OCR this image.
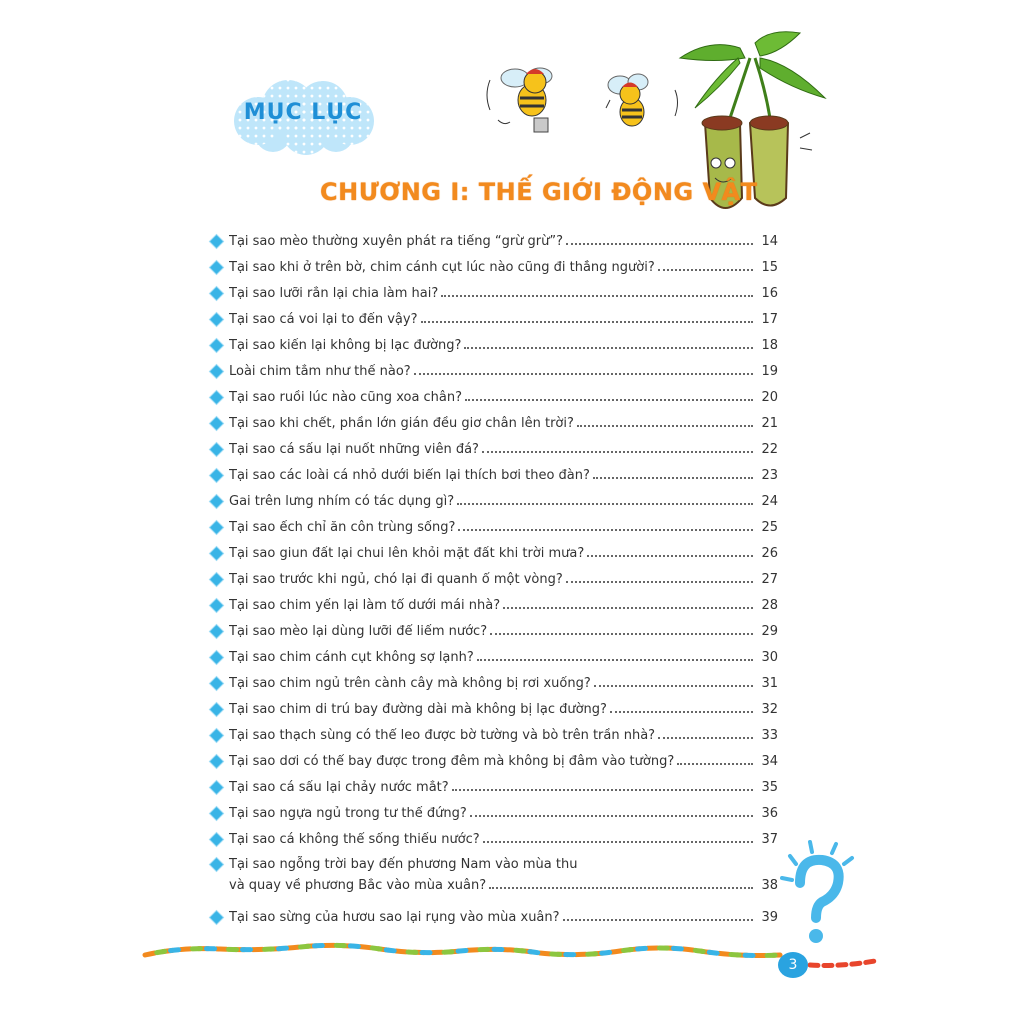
MỤC LỤC
CHƯƠNG I: THẾ GIỚI ĐỘNG VẬT
Tại sao mèo thường xuyên phát ra tiếng “grừ grừ”?	14
Tại sao khi ở trên bờ, chim cánh cụt lúc nào cũng đi thẳng người?	15
Tại sao lưỡi rắn lại chia làm hai?	16
Tại sao cá voi lại to đến vậy?	17
Tại sao kiến lại không bị lạc đường?	18
Loài chim tắm như thế nào?	19
Tại sao ruồi lúc nào cũng xoa chân?	20
Tại sao khi chết, phần lớn gián đều giơ chân lên trời?	21
Tại sao cá sấu lại nuốt những viên đá?	22
Tại sao các loài cá nhỏ dưới biển lại thích bơi theo đàn?	23
Gai trên lưng nhím có tác dụng gì?	24
Tại sao ếch chỉ ăn côn trùng sống?	25
Tại sao giun đất lại chui lên khỏi mặt đất khi trời mưa?	26
Tại sao trước khi ngủ, chó lại đi quanh ổ một vòng?	27
Tại sao chim yến lại làm tổ dưới mái nhà?	28
Tại sao mèo lại dùng lưỡi để liếm nước?	29
Tại sao chim cánh cụt không sợ lạnh?	30
Tại sao chim ngủ trên cành cây mà không bị rơi xuống?	31
Tại sao chim di trú bay đường dài mà không bị lạc đường?	32
Tại sao thạch sùng có thể leo được bờ tường và bò trên trần nhà?	33
Tại sao dơi có thể bay được trong đêm mà không bị đâm vào tường?	34
Tại sao cá sấu lại chảy nước mắt?	35
Tại sao ngựa ngủ trong tư thế đứng?	36
Tại sao cá không thể sống thiếu nước?	37
Tại sao ngỗng trời bay đến phương Nam vào mùa thu
và quay về phương Bắc vào mùa xuân?	38
Tại sao sừng của hươu sao lại rụng vào mùa xuân?	39
3
